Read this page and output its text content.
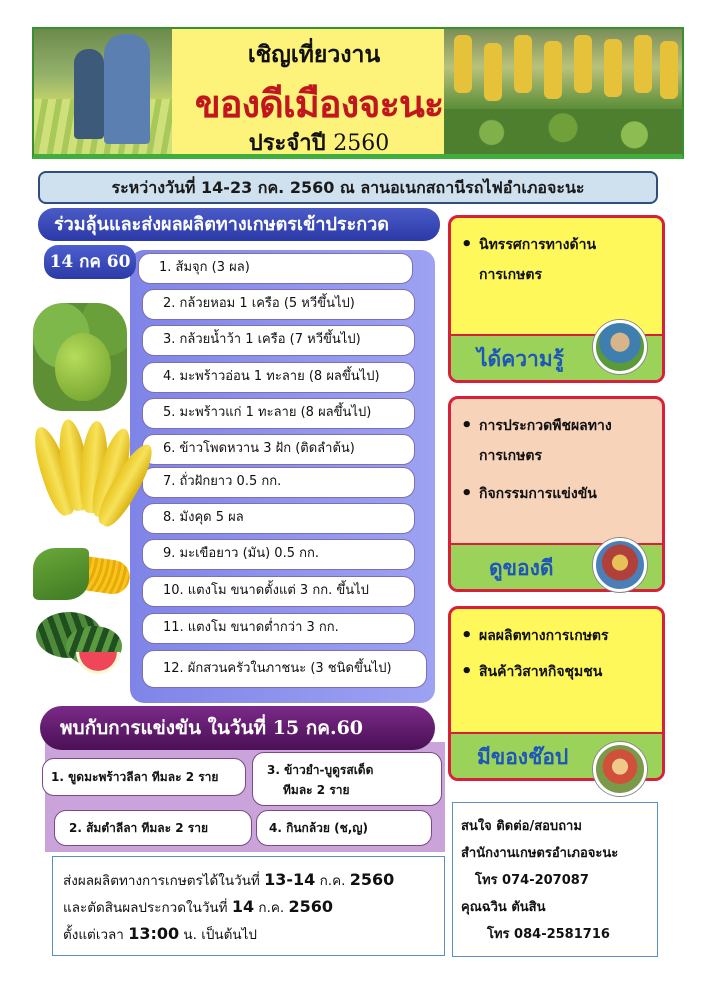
เชิญเที่ยวงาน
ของดีเมืองจะนะ
ประจำปี 2560
ระหว่างวันที่ 14-23 กค. 2560 ณ ลานอเนกสถานีรถไฟอำเภอจะนะ
ร่วมลุ้นและส่งผลผลิตทางเกษตรเข้าประกวด
14 กค 60	1. ส้มจุก (3 ผล)
2. กล้วยหอม 1 เครือ (5 หวีขึ้นไป)
3. กล้วยน้ำว้า 1 เครือ (7 หวีขึ้นไป)
4. มะพร้าวอ่อน 1 ทะลาย (8 ผลขึ้นไป)
5. มะพร้าวแก่ 1 ทะลาย (8 ผลขึ้นไป)
6. ข้าวโพดหวาน 3 ฝัก (ติดลำต้น)
7. ถั่วฝักยาว 0.5 กก.
8. มังคุด 5 ผล
9. มะเขือยาว (มัน) 0.5 กก.
10. แตงโม ขนาดตั้งแต่ 3 กก. ขึ้นไป
11. แตงโม ขนาดต่ำกว่า 3 กก.
12. ผักสวนครัวในภาชนะ (3 ชนิดขึ้นไป)
พบกับการแข่งขัน ในวันที่ 15 กค.60
1. ขูดมะพร้าวลีลา ทีมละ 2 ราย	3. ข้าวยำ-บูดูรสเด็ด
ทีมละ 2 ราย
2. ส้มตำลีลา ทีมละ 2 ราย	4. กินกล้วย (ช,ญ)
ส่งผลผลิตทางการเกษตรได้ในวันที่ 13-14 ก.ค. 2560
และตัดสินผลประกวดในวันที่ 14 ก.ค. 2560
ตั้งแต่เวลา 13:00 น. เป็นต้นไป
• นิทรรศการทางด้าน
การเกษตร
ได้ความรู้
• การประกวดพืชผลทาง
การเกษตร
• กิจกรรมการแข่งขัน
ดูของดี
• ผลผลิตทางการเกษตร
• สินค้าวิสาหกิจชุมชน
มีของช๊อป
สนใจ ติดต่อ/สอบถาม
สำนักงานเกษตรอำเภอจะนะ
โทร 074-207087
คุณฉวิน ตันสิน
โทร 084-2581716
